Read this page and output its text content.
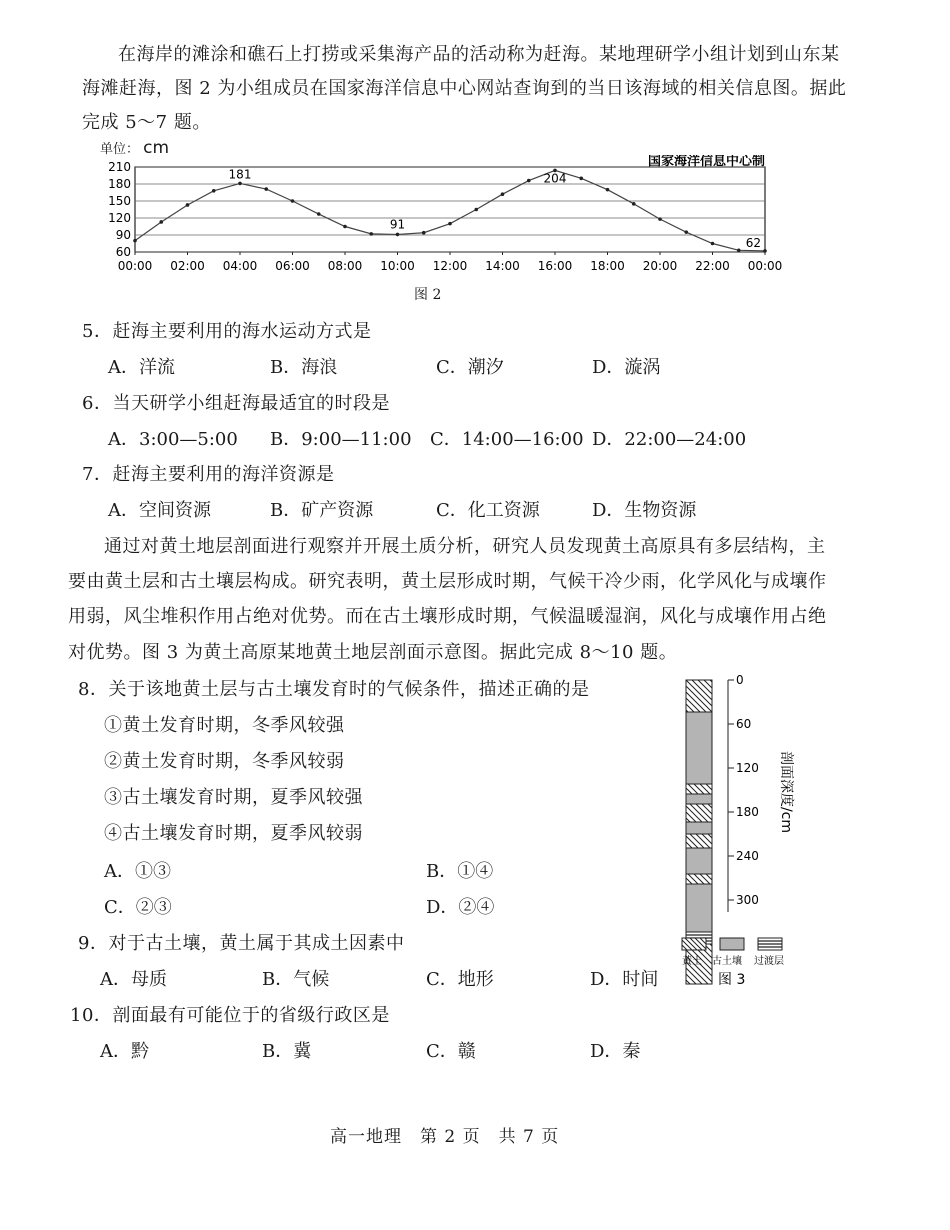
在海岸的滩涂和礁石上打捞或采集海产品的活动称为赶海。某地理研学小组计划到山东某

海滩赶海，图 2 为小组成员在国家海洋信息中心网站查询到的当日该海域的相关信息图。据此

完成 5～7 题。

单位： cm
210
180
150
120
90
60
00:00 02:00 04:00 06:00 08:00 10:00 12:00 14:00 16:00 18:00 20:00 22:00 00:00
181
91
204
62
国家海洋信息中心制
图 2
5．赶海主要利用的海水运动方式是
A．洋流	B．海浪	C．潮汐	D．漩涡
6．当天研学小组赶海最适宜的时段是
A．3:00—5:00 B．9:00—11:00 C．14:00—16:00 D．22:00—24:00
7．赶海主要利用的海洋资源是
A．空间资源	B．矿产资源	C．化工资源	D．生物资源

通过对黄土地层剖面进行观察并开展土质分析，研究人员发现黄土高原具有多层结构，主

要由黄土层和古土壤层构成。研究表明，黄土层形成时期，气候干冷少雨，化学风化与成壤作

用弱，风尘堆积作用占绝对优势。而在古土壤形成时期，气候温暖湿润，风化与成壤作用占绝

对优势。图 3 为黄土高原某地黄土地层剖面示意图。据此完成 8～10 题。

8．关于该地黄土层与古土壤发育时的气候条件，描述正确的是
①黄土发育时期，冬季风较强
②黄土发育时期，冬季风较弱
③古土壤发育时期，夏季风较强
④古土壤发育时期，夏季风较弱
A．①③	B．①④
C．②③	D．②④
9．对于古土壤，黄土属于其成土因素中
A．母质	B．气候	C．地形	D．时间
10．剖面最有可能位于的省级行政区是
A．黔	B．冀	C．赣	D．秦
0
60
120
180
240
300
剖面深度/cm
黄土 古土壤 过渡层
图 3
高一地理　第 2 页　共 7 页
